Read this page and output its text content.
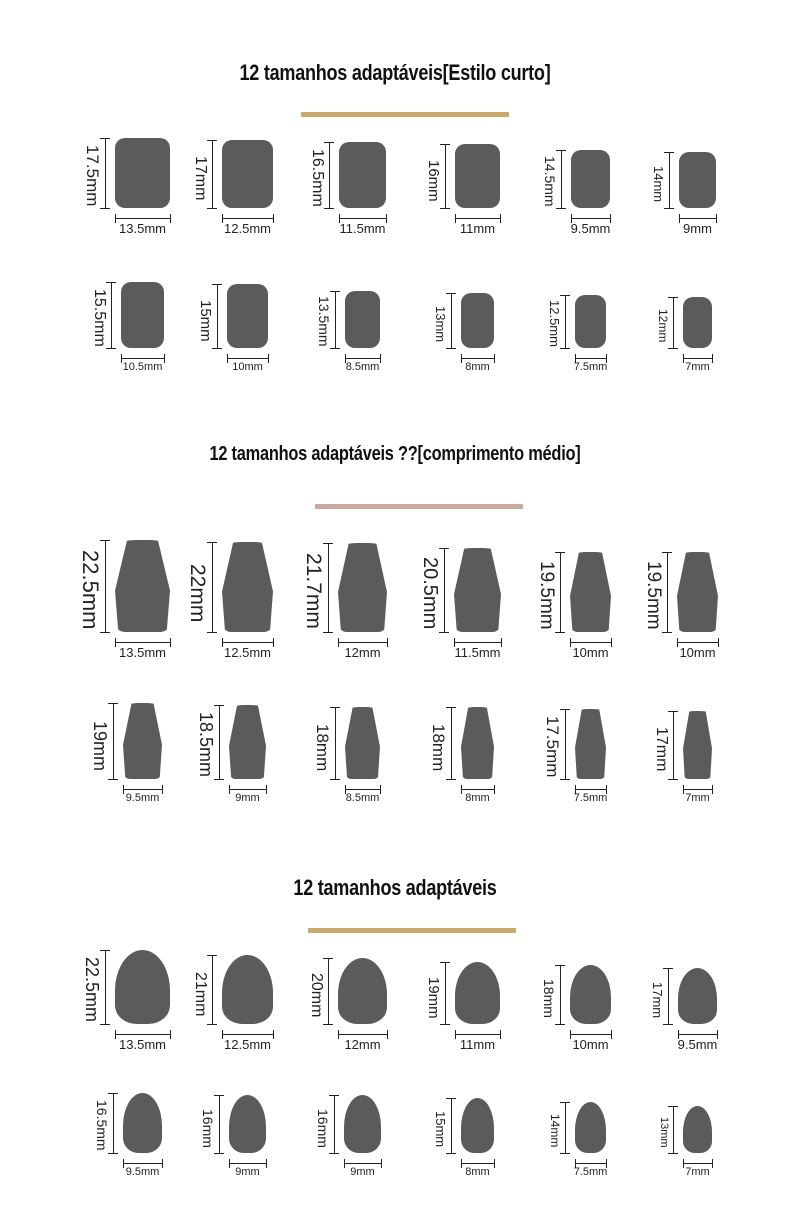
12 tamanhos adaptáveis[Estilo curto]
12 tamanhos adaptáveis ??[comprimento médio]
12 tamanhos adaptáveis
17.5mm
13.5mm
17mm
12.5mm
16.5mm
11.5mm
16mm
11mm
14.5mm
9.5mm
14mm
9mm
15.5mm
10.5mm
15mm
10mm
13.5mm
8.5mm
13mm
8mm
12.5mm
7.5mm
12mm
7mm
22.5mm
13.5mm
22mm
12.5mm
21.7mm
12mm
20.5mm
11.5mm
19.5mm
10mm
19.5mm
10mm
19mm
9.5mm
18.5mm
9mm
18mm
8.5mm
18mm
8mm
17.5mm
7.5mm
17mm
7mm
22.5mm
13.5mm
21mm
12.5mm
20mm
12mm
19mm
11mm
18mm
10mm
17mm
9.5mm
16.5mm
9.5mm
16mm
9mm
16mm
9mm
15mm
8mm
14mm
7.5mm
13mm
7mm
